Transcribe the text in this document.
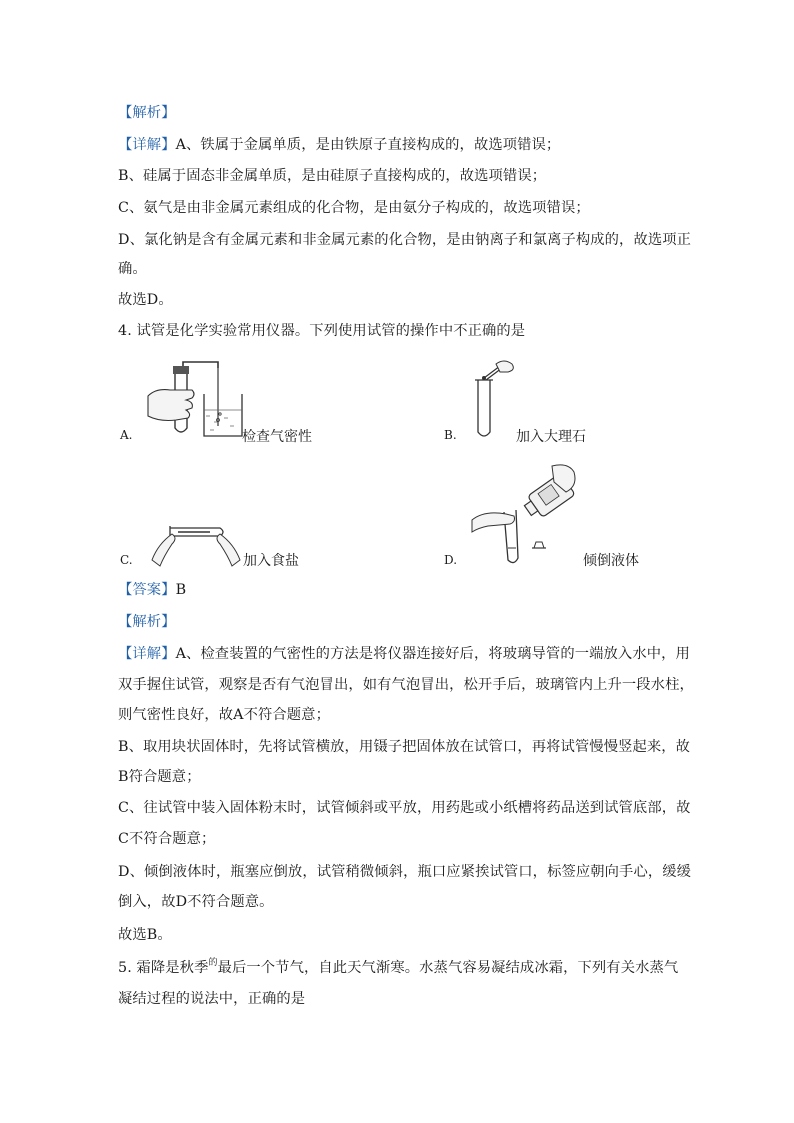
【解析】
【详解】A、铁属于金属单质，是由铁原子直接构成的，故选项错误；
B、硅属于固态非金属单质，是由硅原子直接构成的，故选项错误；
C、氨气是由非金属元素组成的化合物，是由氨分子构成的，故选项错误；
D、氯化钠是含有金属元素和非金属元素的化合物，是由钠离子和氯离子构成的，故选项正
确。
故选D。
4. 试管是化学实验常用仪器。下列使用试管的操作中不正确的是
A.	检查气密性	B.	加入大理石
C.	加入食盐	D.	倾倒液体
【答案】B
【解析】
【详解】A、检查装置的气密性的方法是将仪器连接好后，将玻璃导管的一端放入水中，用
双手握住试管，观察是否有气泡冒出，如有气泡冒出，松开手后，玻璃管内上升一段水柱，
则气密性良好，故A不符合题意；
B、取用块状固体时，先将试管横放，用镊子把固体放在试管口，再将试管慢慢竖起来，故
B符合题意；
C、往试管中装入固体粉末时，试管倾斜或平放，用药匙或小纸槽将药品送到试管底部，故
C不符合题意；
D、倾倒液体时，瓶塞应倒放，试管稍微倾斜，瓶口应紧挨试管口，标签应朝向手心，缓缓
倒入，故D不符合题意。
故选B。
5. 霜降是秋季$^的$最后一个节气，自此天气渐寒。水蒸气容易凝结成冰霜，下列有关水蒸气
凝结过程的说法中，正确的是
